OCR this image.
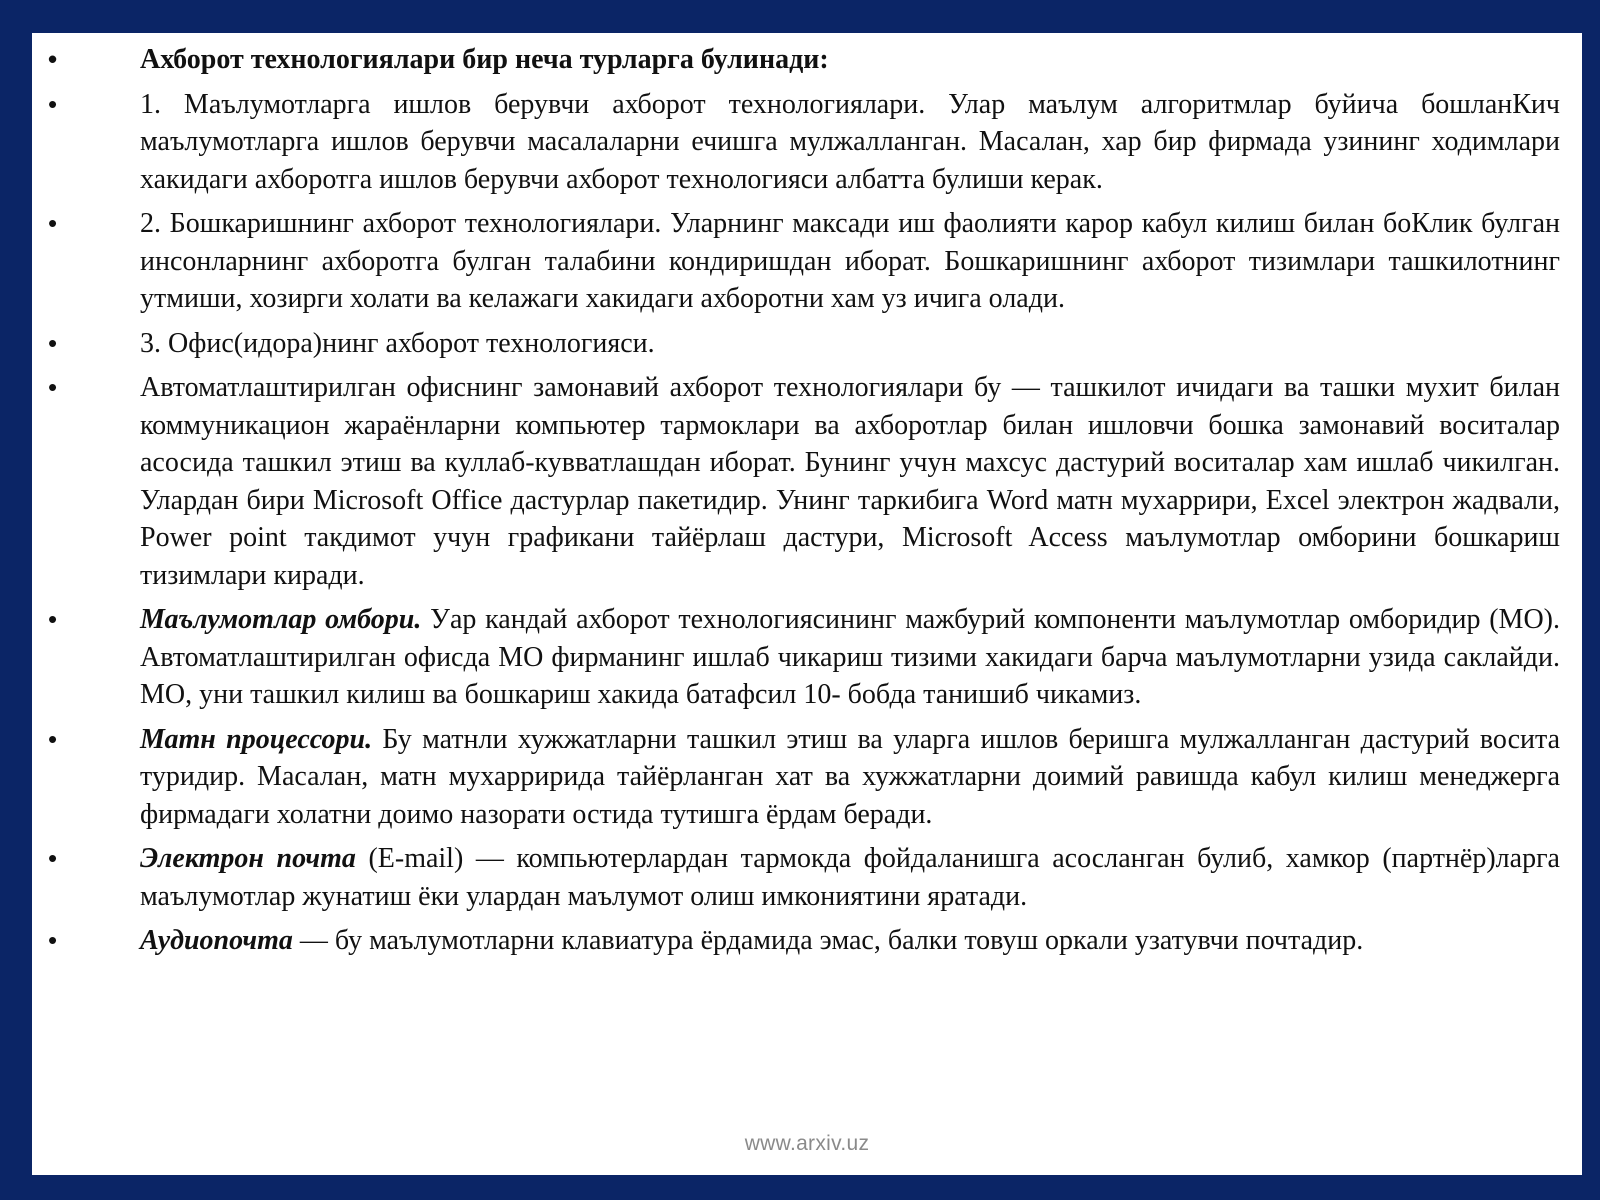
•	Ахборот технологиялари бир неча турларга булинади:
•	1. Маълумотларга ишлов берувчи ахборот технологиялари. Улар маълум алгоритмлар буйича бошланКич маълумотларга ишлов берувчи масалаларни ечишга мулжалланган. Масалан, хар бир фирмада узининг ходимлари хакидаги ахборотга ишлов берувчи ахборот технологияси албатта булиши керак.
•	2. Бошкаришнинг ахборот технологиялари. Уларнинг максади иш фаолияти карор кабул килиш билан боКлик булган инсонларнинг ахборотга булган талабини кондиришдан иборат. Бошкаришнинг ахборот тизимлари ташкилотнинг утмиши, хозирги холати ва келажаги хакидаги ахборотни хам уз ичига олади.
•	3. Офис(идора)нинг ахборот технологияси.
•	Автоматлаштирилган офиснинг замонавий ахборот технологиялари бу — ташкилот ичидаги ва ташки мухит билан коммуникацион жараёнларни компьютер тармоклари ва ахборотлар билан ишловчи бошка замонавий воситалар асосида ташкил этиш ва куллаб-кувватлашдан иборат. Бунинг учун махсус дастурий воситалар хам ишлаб чикилган. Улардан бири Microsoft Office дастурлар пакетидир. Унинг таркибига Word матн мухаррири, Excel электрон жадвали, Power point такдимот учун графикани тайёрлаш дастури, Microsoft Access маълумотлар омборини бошкариш тизимлари киради.
•	Маълумотлар омбори. Уар кандай ахборот технологиясининг мажбурий компоненти маълумотлар омборидир (МО). Автоматлаштирилган офисда МО фирманинг ишлаб чикариш тизими хакидаги барча маълумотларни узида саклайди. МО, уни ташкил килиш ва бошкариш хакида батафсил 10- бобда танишиб чикамиз.
•	Матн процессори. Бу матнли хужжатларни ташкил этиш ва уларга ишлов беришга мулжалланган дастурий восита туридир. Масалан, матн мухарририда тайёрланган хат ва хужжатларни доимий равишда кабул килиш менеджерга фирмадаги холатни доимо назорати остида тутишга ёрдам беради.
•	Электрон почта (E-mail) — компьютерлардан тармокда фойдаланишга асосланган булиб, хамкор (партнёр)ларга маълумотлар жунатиш ёки улардан маълумот олиш имкониятини яратади.
•	Аудиопочта — бу маълумотларни клавиатура ёрдамида эмас, балки товуш оркали узатувчи почтадир.
www.arxiv.uz
